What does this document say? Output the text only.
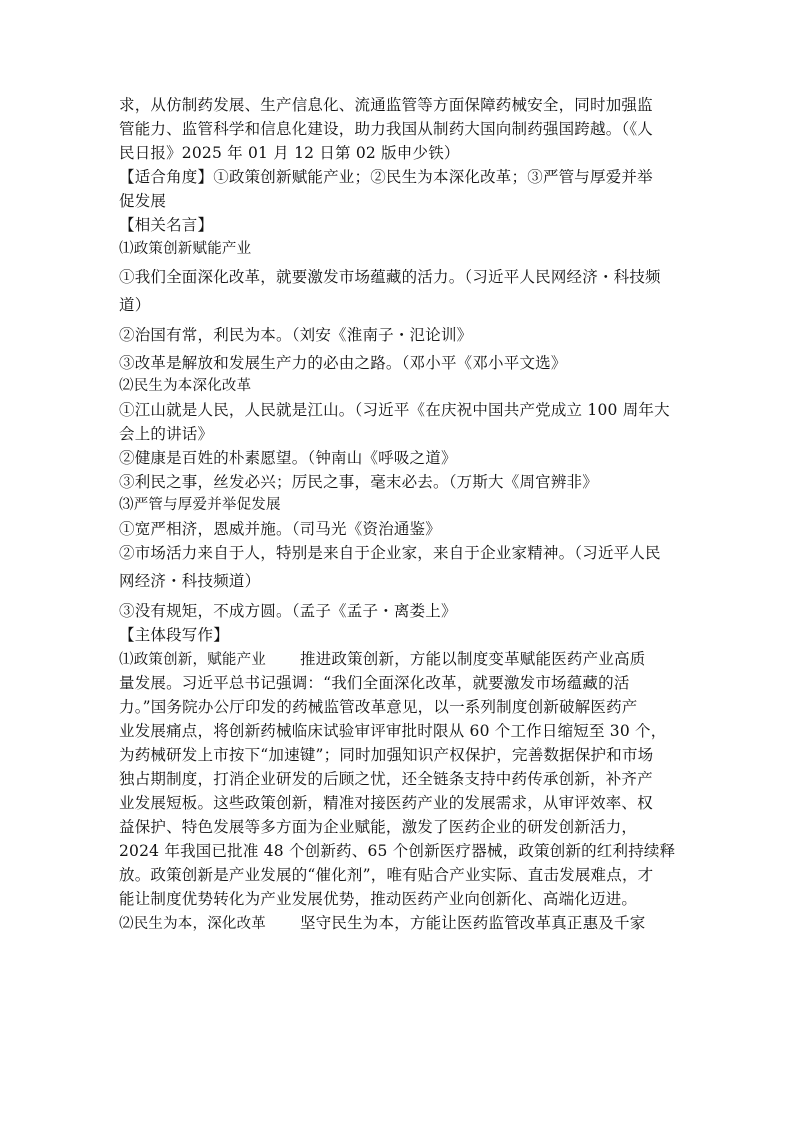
求，从仿制药发展、生产信息化、流通监管等方面保障药械安全，同时加强监
管能力、监管科学和信息化建设，助力我国从制药大国向制药强国跨越。（《人
民日报》2025 年 01 月 12 日第 02 版申少铁）
【适合角度】①政策创新赋能产业；②民生为本深化改革；③严管与厚爱并举
促发展
【相关名言】
⑴政策创新赋能产业
①我们全面深化改革，就要激发市场蕴藏的活力。（习近平人民网经济・科技频
道）
②治国有常，利民为本。（刘安《淮南子・氾论训》
③改革是解放和发展生产力的必由之路。（邓小平《邓小平文选》
⑵民生为本深化改革
①江山就是人民，人民就是江山。（习近平《在庆祝中国共产党成立 100 周年大
会上的讲话》
②健康是百姓的朴素愿望。（钟南山《呼吸之道》
③利民之事，丝发必兴；厉民之事，毫末必去。（万斯大《周官辨非》
⑶严管与厚爱并举促发展
①宽严相济，恩威并施。（司马光《资治通鉴》
②市场活力来自于人，特别是来自于企业家，来自于企业家精神。（习近平人民
网经济・科技频道）
③没有规矩，不成方圆。（孟子《孟子・离娄上》
【主体段写作】
⑴政策创新，赋能产业 推进政策创新，方能以制度变革赋能医药产业高质
量发展。习近平总书记强调：“我们全面深化改革，就要激发市场蕴藏的活
力。”国务院办公厅印发的药械监管改革意见，以一系列制度创新破解医药产
业发展痛点，将创新药械临床试验审评审批时限从 60 个工作日缩短至 30 个，
为药械研发上市按下“加速键”；同时加强知识产权保护，完善数据保护和市场
独占期制度，打消企业研发的后顾之忧，还全链条支持中药传承创新，补齐产
业发展短板。这些政策创新，精准对接医药产业的发展需求，从审评效率、权
益保护、特色发展等多方面为企业赋能，激发了医药企业的研发创新活力，
2024 年我国已批准 48 个创新药、65 个创新医疗器械，政策创新的红利持续释
放。政策创新是产业发展的“催化剂”，唯有贴合产业实际、直击发展难点，才
能让制度优势转化为产业发展优势，推动医药产业向创新化、高端化迈进。
⑵民生为本，深化改革 坚守民生为本，方能让医药监管改革真正惠及千家
